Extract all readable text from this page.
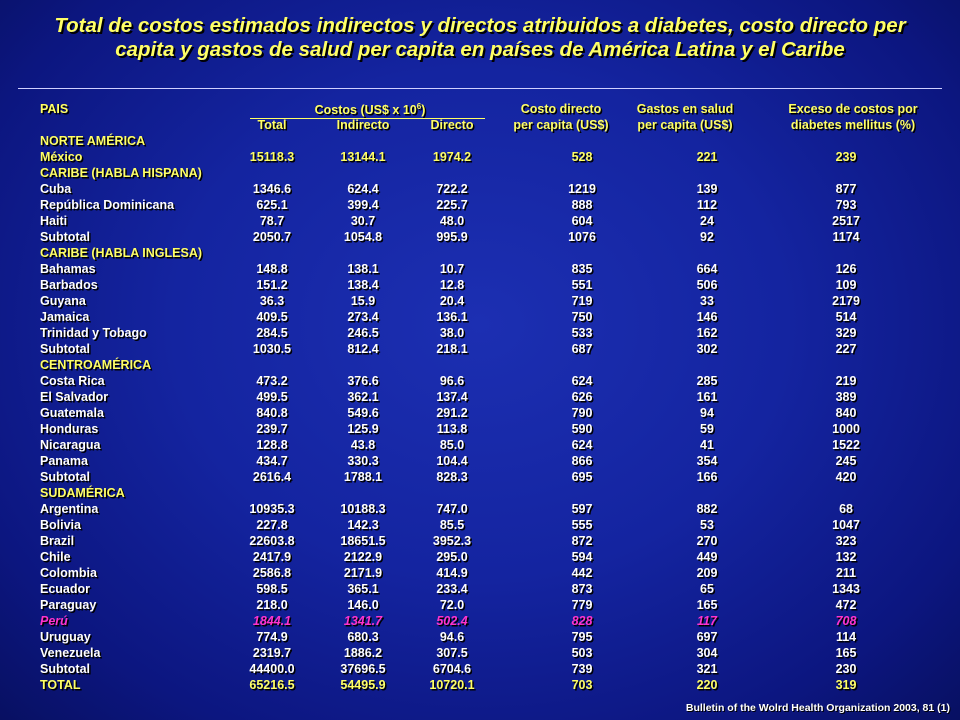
Total de costos estimados indirectos y directos atribuidos a diabetes, costo directo per
capita y gastos de salud per capita en países de América Latina y el Caribe
PAIS	Costos (US$ x $10^6$)
Total	Indirecto	Directo
Costo directo
per capita (US$)
Gastos en salud
per capita (US$)
Exceso de costos por
diabetes mellitus (%)
NORTE AMÉRICA						
México	15118.3	13144.1	1974.2	528	221	239
CARIBE (HABLA HISPANA)						
Cuba	1346.6	624.4	722.2	1219	139	877
República Dominicana	625.1	399.4	225.7	888	112	793
Haiti	78.7	30.7	48.0	604	24	2517
Subtotal	2050.7	1054.8	995.9	1076	92	1174
CARIBE (HABLA INGLESA)						
Bahamas	148.8	138.1	10.7	835	664	126
Barbados	151.2	138.4	12.8	551	506	109
Guyana	36.3	15.9	20.4	719	33	2179
Jamaica	409.5	273.4	136.1	750	146	514
Trinidad y Tobago	284.5	246.5	38.0	533	162	329
Subtotal	1030.5	812.4	218.1	687	302	227
CENTROAMÉRICA						
Costa Rica	473.2	376.6	96.6	624	285	219
El Salvador	499.5	362.1	137.4	626	161	389
Guatemala	840.8	549.6	291.2	790	94	840
Honduras	239.7	125.9	113.8	590	59	1000
Nicaragua	128.8	43.8	85.0	624	41	1522
Panama	434.7	330.3	104.4	866	354	245
Subtotal	2616.4	1788.1	828.3	695	166	420
SUDAMÉRICA						
Argentina	10935.3	10188.3	747.0	597	882	68
Bolivia	227.8	142.3	85.5	555	53	1047
Brazil	22603.8	18651.5	3952.3	872	270	323
Chile	2417.9	2122.9	295.0	594	449	132
Colombia	2586.8	2171.9	414.9	442	209	211
Ecuador	598.5	365.1	233.4	873	65	1343
Paraguay	218.0	146.0	72.0	779	165	472
Perú	1844.1	1341.7	502.4	828	117	708
Uruguay	774.9	680.3	94.6	795	697	114
Venezuela	2319.7	1886.2	307.5	503	304	165
Subtotal	44400.0	37696.5	6704.6	739	321	230
TOTAL	65216.5	54495.9	10720.1	703	220	319
Bulletin of the Wolrd Health Organization 2003, 81 (1)
